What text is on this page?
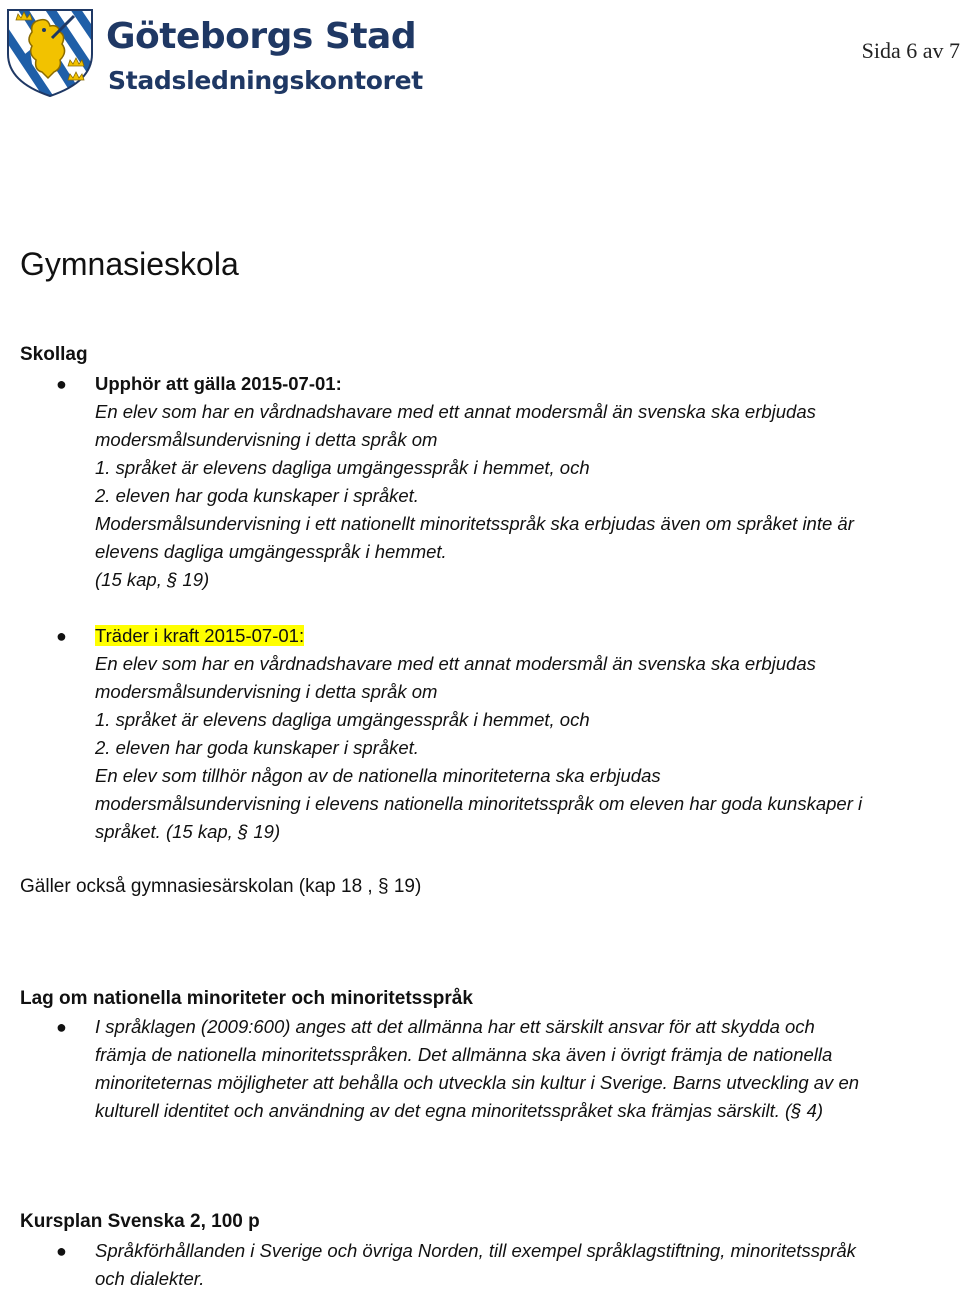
Göteborgs Stad
Stadsledningskontoret
Sida 6 av 7
Gymnasieskola
Skollag
● Upphör att gälla 2015-07-01:
En elev som har en vårdnadshavare med ett annat modersmål än svenska ska erbjudas
modersmålsundervisning i detta språk om
1. språket är elevens dagliga umgängesspråk i hemmet, och
2. eleven har goda kunskaper i språket.
Modersmålsundervisning i ett nationellt minoritetsspråk ska erbjudas även om språket inte är
elevens dagliga umgängesspråk i hemmet.
(15 kap, § 19)
● Träder i kraft 2015-07-01:
En elev som har en vårdnadshavare med ett annat modersmål än svenska ska erbjudas
modersmålsundervisning i detta språk om
1. språket är elevens dagliga umgängesspråk i hemmet, och
2. eleven har goda kunskaper i språket.
En elev som tillhör någon av de nationella minoriteterna ska erbjudas
modersmålsundervisning i elevens nationella minoritetsspråk om eleven har goda kunskaper i
språket. (15 kap, § 19)
Gäller också gymnasiesärskolan (kap 18 , § 19)
Lag om nationella minoriteter och minoritetsspråk
● I språklagen (2009:600) anges att det allmänna har ett särskilt ansvar för att skydda och
främja de nationella minoritetsspråken. Det allmänna ska även i övrigt främja de nationella
minoriteternas möjligheter att behålla och utveckla sin kultur i Sverige. Barns utveckling av en
kulturell identitet och användning av det egna minoritetsspråket ska främjas särskilt. (§ 4)
Kursplan Svenska 2, 100 p
● Språkförhållanden i Sverige och övriga Norden, till exempel språklagstiftning, minoritetsspråk
och dialekter.
